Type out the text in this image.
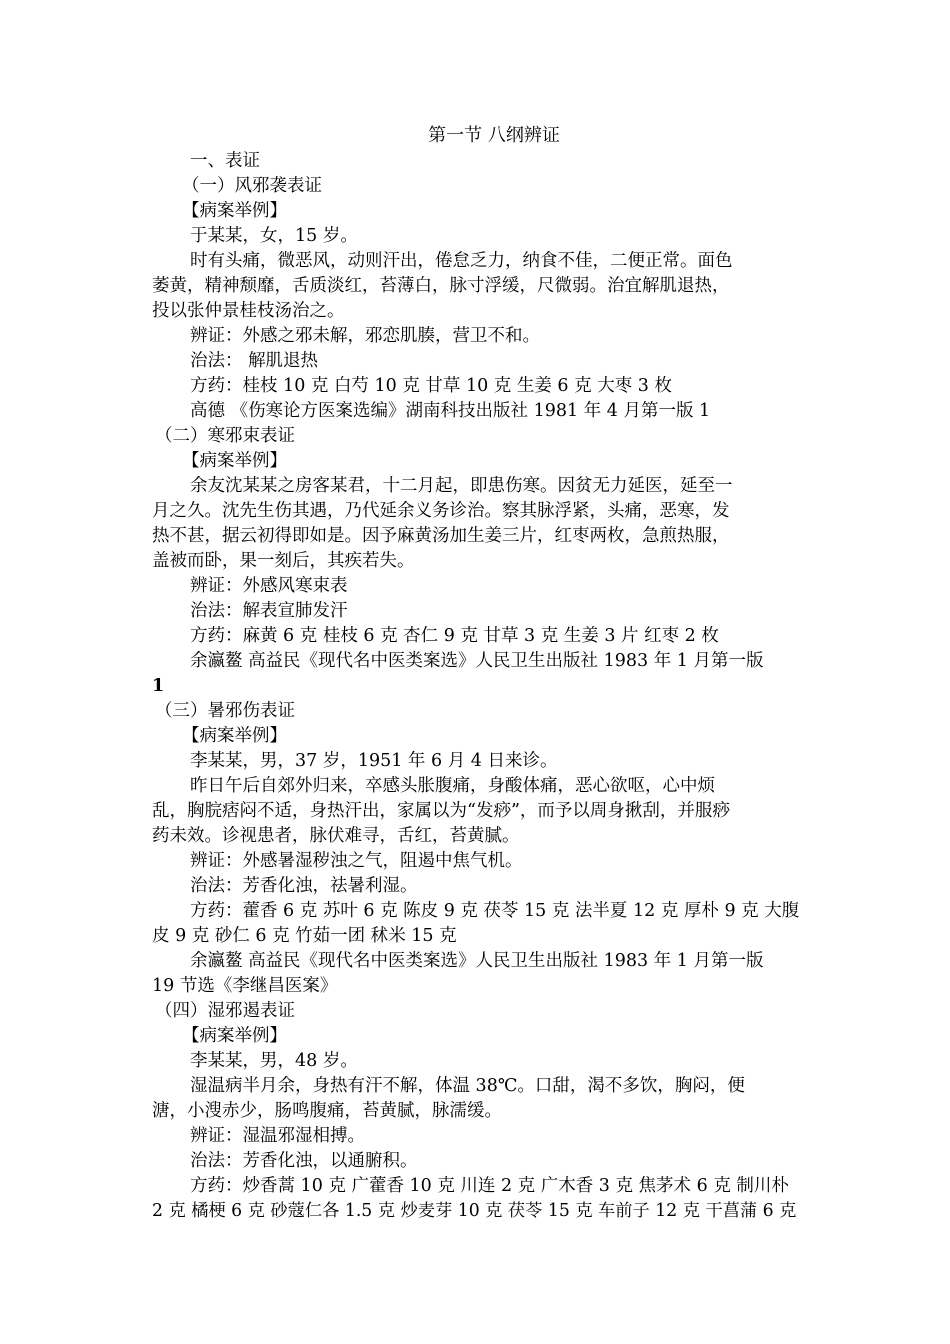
第一节 八纲辨证
一、表证
（一）风邪袭表证
【病案举例】
于某某，女，15 岁。
时有头痛，微恶风，动则汗出，倦怠乏力，纳食不佳，二便正常。面色
萎黄，精神颓靡，舌质淡红，苔薄白，脉寸浮缓，尺微弱。治宜解肌退热，
投以张仲景桂枝汤治之。
辨证：外感之邪未解，邪恋肌腠，营卫不和。
治法： 解肌退热
方药：桂枝 10 克 白芍 10 克 甘草 10 克 生姜 6 克 大枣 3 枚
高德 《伤寒论方医案选编》湖南科技出版社 1981 年 4 月第一版 1
（二）寒邪束表证
【病案举例】
余友沈某某之房客某君，十二月起，即患伤寒。因贫无力延医，延至一
月之久。沈先生伤其遇，乃代延余义务诊治。察其脉浮紧，头痛，恶寒，发
热不甚，据云初得即如是。因予麻黄汤加生姜三片，红枣两枚，急煎热服，
盖被而卧，果一刻后，其疾若失。
辨证：外感风寒束表
治法：解表宣肺发汗
方药：麻黄 6 克 桂枝 6 克 杏仁 9 克 甘草 3 克 生姜 3 片 红枣 2 枚
余瀛鳌 高益民《现代名中医类案选》人民卫生出版社 1983 年 1 月第一版
1
（三）暑邪伤表证
【病案举例】
李某某，男，37 岁，1951 年 6 月 4 日来诊。
昨日午后自郊外归来，卒感头胀腹痛，身酸体痛，恶心欲呕，心中烦
乱，胸脘痞闷不适，身热汗出，家属以为“发痧”，而予以周身揪刮，并服痧
药未效。诊视患者，脉伏难寻，舌红，苔黄腻。
辨证：外感暑湿秽浊之气，阻遏中焦气机。
治法：芳香化浊，祛暑利湿。
方药：藿香 6 克 苏叶 6 克 陈皮 9 克 茯苓 15 克 法半夏 12 克 厚朴 9 克 大腹
皮 9 克 砂仁 6 克 竹茹一团 秫米 15 克
余瀛鳌 高益民《现代名中医类案选》人民卫生出版社 1983 年 1 月第一版
19 节选《李继昌医案》
（四）湿邪遏表证
【病案举例】
李某某，男，48 岁。
湿温病半月余，身热有汗不解，体温 38℃。口甜，渴不多饮，胸闷，便
溏，小溲赤少，肠鸣腹痛，苔黄腻，脉濡缓。
辨证：湿温邪湿相搏。
治法：芳香化浊，以通腑积。
方药：炒香蒿 10 克 广藿香 10 克 川连 2 克 广木香 3 克 焦茅术 6 克 制川朴
2 克 橘梗 6 克 砂蔻仁各 1.5 克 炒麦芽 10 克 茯苓 15 克 车前子 12 克 干菖蒲 6 克
